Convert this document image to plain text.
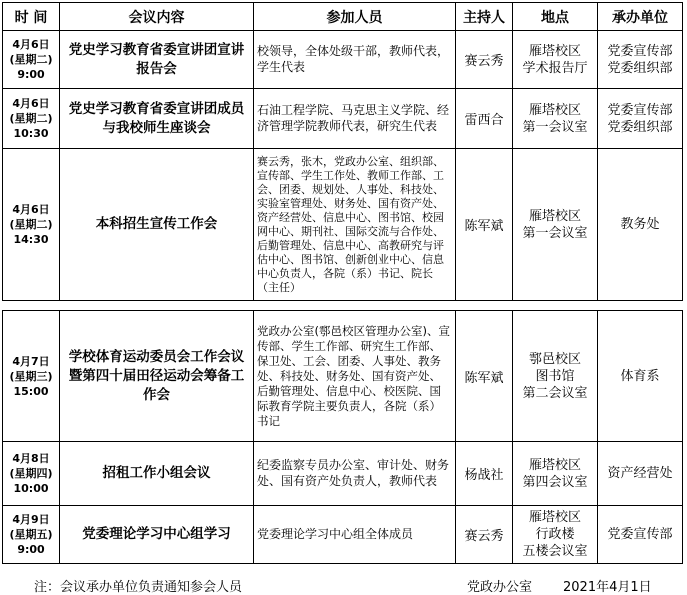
时 间	会议内容	参加人员	主持人	地点	承办单位

4月6日
(星期二)
9:00	党史学习教育省委宣讲团宣讲报告会	校领导，全体处级干部，教师代表，学生代表	赛云秀	雁塔校区
学术报告厅	党委宣传部
党委组织部

4月6日
(星期二)
10:30	党史学习教育省委宣讲团成员与我校师生座谈会	石油工程学院、马克思主义学院、经济管理学院教师代表，研究生代表	雷西合	雁塔校区
第一会议室	党委宣传部
党委组织部

4月6日
(星期二)
14:30	本科招生宣传工作会	赛云秀，张木，党政办公室、组织部、宣传部、学生工作处、教师工作部、工会、团委、规划处、人事处、科技处、实验室管理处、财务处、国有资产处、资产经营处、信息中心、图书馆、校园网中心、期刊社、国际交流与合作处、后勤管理处、信息中心、高教研究与评估中心、图书馆、创新创业中心、信息中心负责人，各院（系）书记、院长（主任）	陈军斌	雁塔校区
第一会议室	教务处
4月7日
(星期三)
15:00	学校体育运动委员会工作会议暨第四十届田径运动会筹备工作会	党政办公室(鄠邑校区管理办公室)、宣传部、学生工作部、研究生工作部、保卫处、工会、团委、人事处、教务处、科技处、财务处、国有资产处、后勤管理处、信息中心、校医院、国际教育学院主要负责人，各院（系）书记	陈军斌	鄠邑校区
图书馆
第二会议室	体育系

4月8日
(星期四)
10:00	招租工作小组会议	纪委监察专员办公室、审计处、财务处、国有资产处负责人，教师代表	杨战社	雁塔校区
第四会议室	资产经营处

4月9日
(星期五)
9:00	党委理论学习中心组学习	党委理论学习中心组全体成员	赛云秀	雁塔校区
行政楼
五楼会议室	党委宣传部
注：会议承办单位负责通知参会人员	党政办公室 2021年4月1日
